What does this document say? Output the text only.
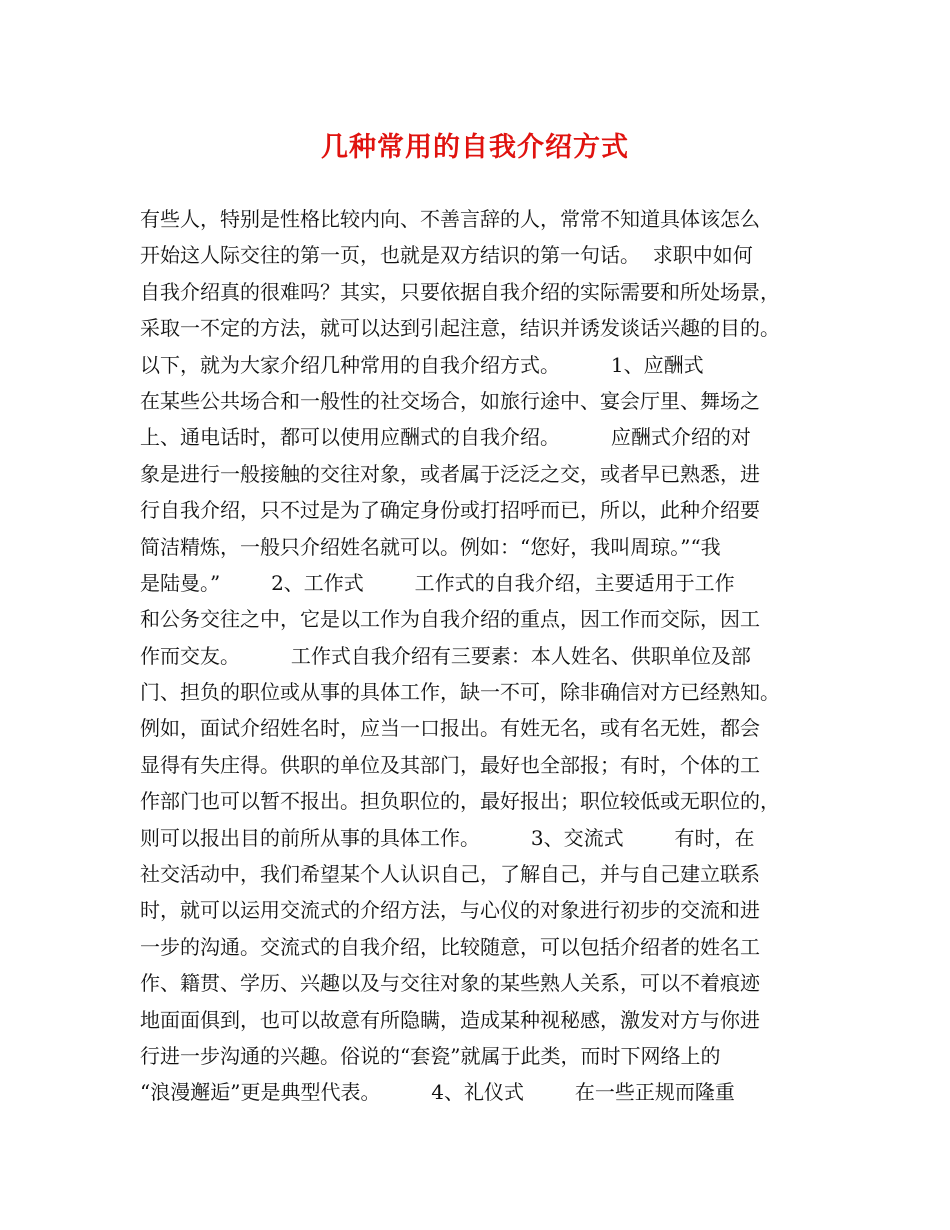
几种常用的自我介绍方式
有些人，特别是性格比较内向、不善言辞的人，常常不知道具体该怎么
开始这人际交往的第一页，也就是双方结识的第一句话。  求职中如何
自我介绍真的很难吗？其实，只要依据自我介绍的实际需要和所处场景，
采取一不定的方法，就可以达到引起注意，结识并诱发谈话兴趣的目的。
以下，就为大家介绍几种常用的自我介绍方式。        1、应酬式
在某些公共场合和一般性的社交场合，如旅行途中、宴会厅里、舞场之
上、通电话时，都可以使用应酬式的自我介绍。        应酬式介绍的对
象是进行一般接触的交往对象，或者属于泛泛之交，或者早已熟悉，进
行自我介绍，只不过是为了确定身份或打招呼而已，所以，此种介绍要
简洁精炼，一般只介绍姓名就可以。例如：“您好，我叫周琼。”“我
是陆曼。”        2、工作式        工作式的自我介绍，主要适用于工作
和公务交往之中，它是以工作为自我介绍的重点，因工作而交际，因工
作而交友。        工作式自我介绍有三要素：本人姓名、供职单位及部
门、担负的职位或从事的具体工作，缺一不可，除非确信对方已经熟知。
例如，面试介绍姓名时，应当一口报出。有姓无名，或有名无姓，都会
显得有失庄得。供职的单位及其部门，最好也全部报；有时，个体的工
作部门也可以暂不报出。担负职位的，最好报出；职位较低或无职位的，
则可以报出目的前所从事的具体工作。        3、交流式        有时，在
社交活动中，我们希望某个人认识自己，了解自己，并与自己建立联系
时，就可以运用交流式的介绍方法，与心仪的对象进行初步的交流和进
一步的沟通。交流式的自我介绍，比较随意，可以包括介绍者的姓名工
作、籍贯、学历、兴趣以及与交往对象的某些熟人关系，可以不着痕迹
地面面俱到，也可以故意有所隐瞒，造成某种视秘感，激发对方与你进
行进一步沟通的兴趣。俗说的“套瓷”就属于此类，而时下网络上的
“浪漫邂逅”更是典型代表。        4、礼仪式        在一些正规而隆重
